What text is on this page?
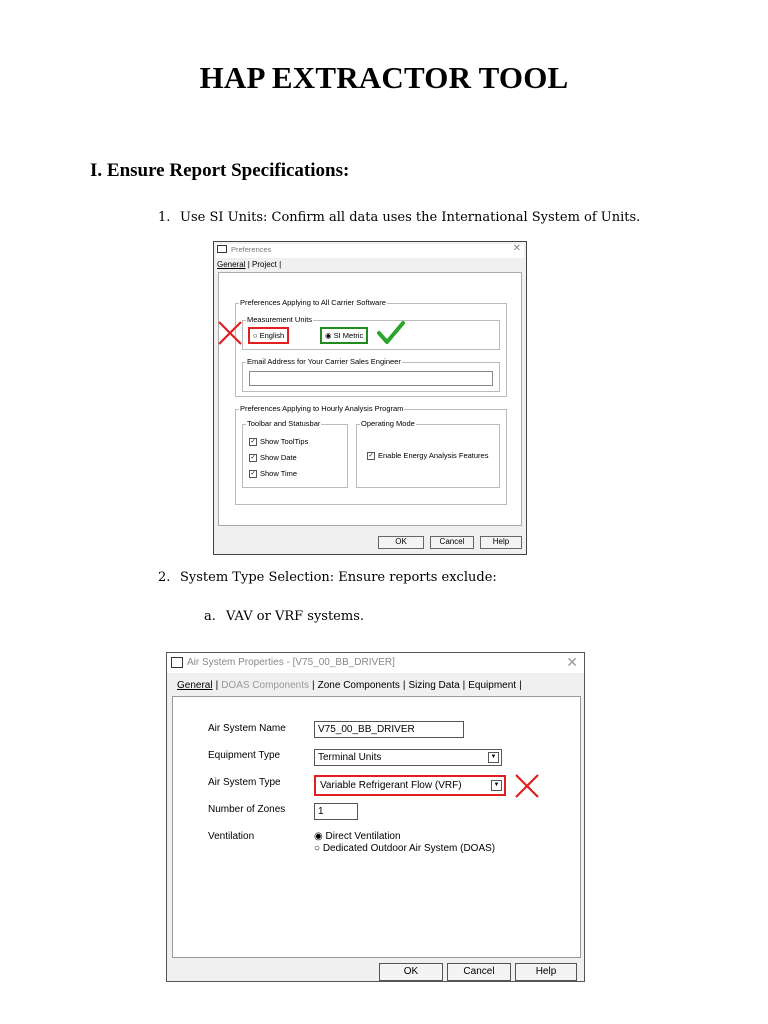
HAP EXTRACTOR TOOL
I. Ensure Report Specifications:
1. Use SI Units: Confirm all data uses the International System of Units.
Preferences	✕
General | Project |
Preferences Applying to All Carrier Software
Measurement Units
○ English	◉ SI Metric
Email Address for Your Carrier Sales Engineer
Preferences Applying to Hourly Analysis Program
Toolbar and Statusbar
✓ Show ToolTips
✓ Show Date
✓ Show Time
Operating Mode
✓ Enable Energy Analysis Features
OK	Cancel	Help
2. System Type Selection: Ensure reports exclude:
a. VAV or VRF systems.
Air System Properties - [V75_00_BB_DRIVER]	✕
General | DOAS Components | Zone Components | Sizing Data | Equipment |
Air System Name	V75_00_BB_DRIVER
Equipment Type	Terminal Units	▼
Air System Type	Variable Refrigerant Flow (VRF)	▼
Number of Zones	1
Ventilation	◉ Direct Ventilation
○ Dedicated Outdoor Air System (DOAS)
OK	Cancel	Help
